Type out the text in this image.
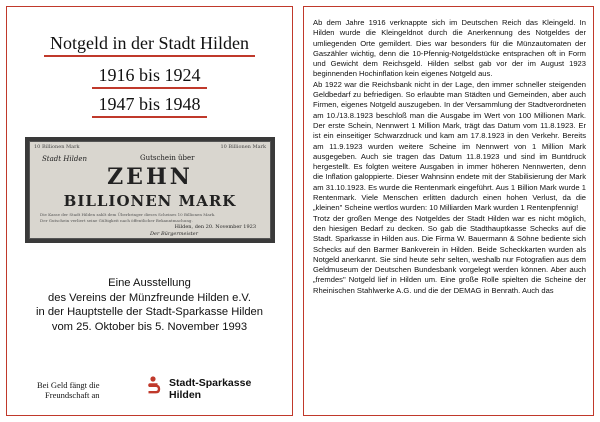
Notgeld in der Stadt Hilden
1916 bis 1924
1947 bis 1948
10 Billionen Mark	10 Billionen Mark
Stadt Hilden	Gutschein über
ZEHN
BILLIONEN MARK
Die Kasse der Stadt Hilden zahlt dem Überbringer dieses Scheines 10 Billionen Mark.
Der Gutschein verliert seine Gültigkeit nach öffentlicher Bekanntmachung.
Hilden, den 20. November 1923
Der Bürgermeister
Eine Ausstellung
des Vereins der Münzfreunde Hilden e.V.
in der Hauptstelle der Stadt-Sparkasse Hilden
vom 25. Oktober bis 5. November 1993
Bei Geld fängt die
Freundschaft an
Stadt-Sparkasse
Hilden

Ab dem Jahre 1916 verknappte sich im Deutschen Reich das Kleingeld. In Hilden wurde die Kleingeldnot durch die Anerkennung des Notgeldes der umliegenden Orte gemildert. Dies war besonders für die Münzautomaten der Gaszähler wichtig, denn die 10-Pfennig-Notgeldstücke entsprachen oft in Form und Gewicht dem Reichsgeld. Hilden selbst gab vor der im August 1923 beginnenden Hochinflation kein eigenes Notgeld aus.

Ab 1922 war die Reichsbank nicht in der Lage, den immer schneller steigenden Geldbedarf zu befriedigen. So erlaubte man Städten und Gemeinden, aber auch Firmen, eigenes Notgeld auszugeben. In der Versammlung der Stadtverordneten am 10./13.8.1923 beschloß man die Ausgabe im Wert von 100 Millionen Mark. Der erste Schein, Nennwert 1 Million Mark, trägt das Datum vom 11.8.1923. Er ist ein einseitiger Schwarzdruck und kam am 17.8.1923 in den Verkehr. Bereits am 11.9.1923 wurden weitere Scheine im Nennwert von 1 Million Mark ausgegeben. Auch sie tragen das Datum 11.8.1923 und sind im Buntdruck hergestellt. Es folgten weitere Ausgaben in immer höheren Nennwerten, denn die Inflation galoppierte. Dieser Wahnsinn endete mit der Stabilisierung der Mark am 31.10.1923. Es wurde die Rentenmark eingeführt. Aus 1 Billion Mark wurde 1 Rentenmark. Viele Menschen erlitten dadurch einen hohen Verlust, da die „kleinen" Scheine wertlos wurden: 10 Milliarden Mark wurden 1 Rentenpfennig!

Trotz der großen Menge des Notgeldes der Stadt Hilden war es nicht möglich, den hiesigen Bedarf zu decken. So gab die Stadthauptkasse Schecks auf die Stadt. Sparkasse in Hilden aus. Die Firma W. Bauermann & Söhne bediente sich Schecks auf den Barmer Bankverein in Hilden. Beide Scheckkarten wurden als Notgeld anerkannt. Sie sind heute sehr selten, weshalb nur Fotografien aus dem Geldmuseum der Deutschen Bundesbank vorgelegt werden können. Aber auch „fremdes" Notgeld lief in Hilden um. Eine große Rolle spielten die Scheine der Rheinischen Stahlwerke A.G. und die der DEMAG in Benrath. Auch das
